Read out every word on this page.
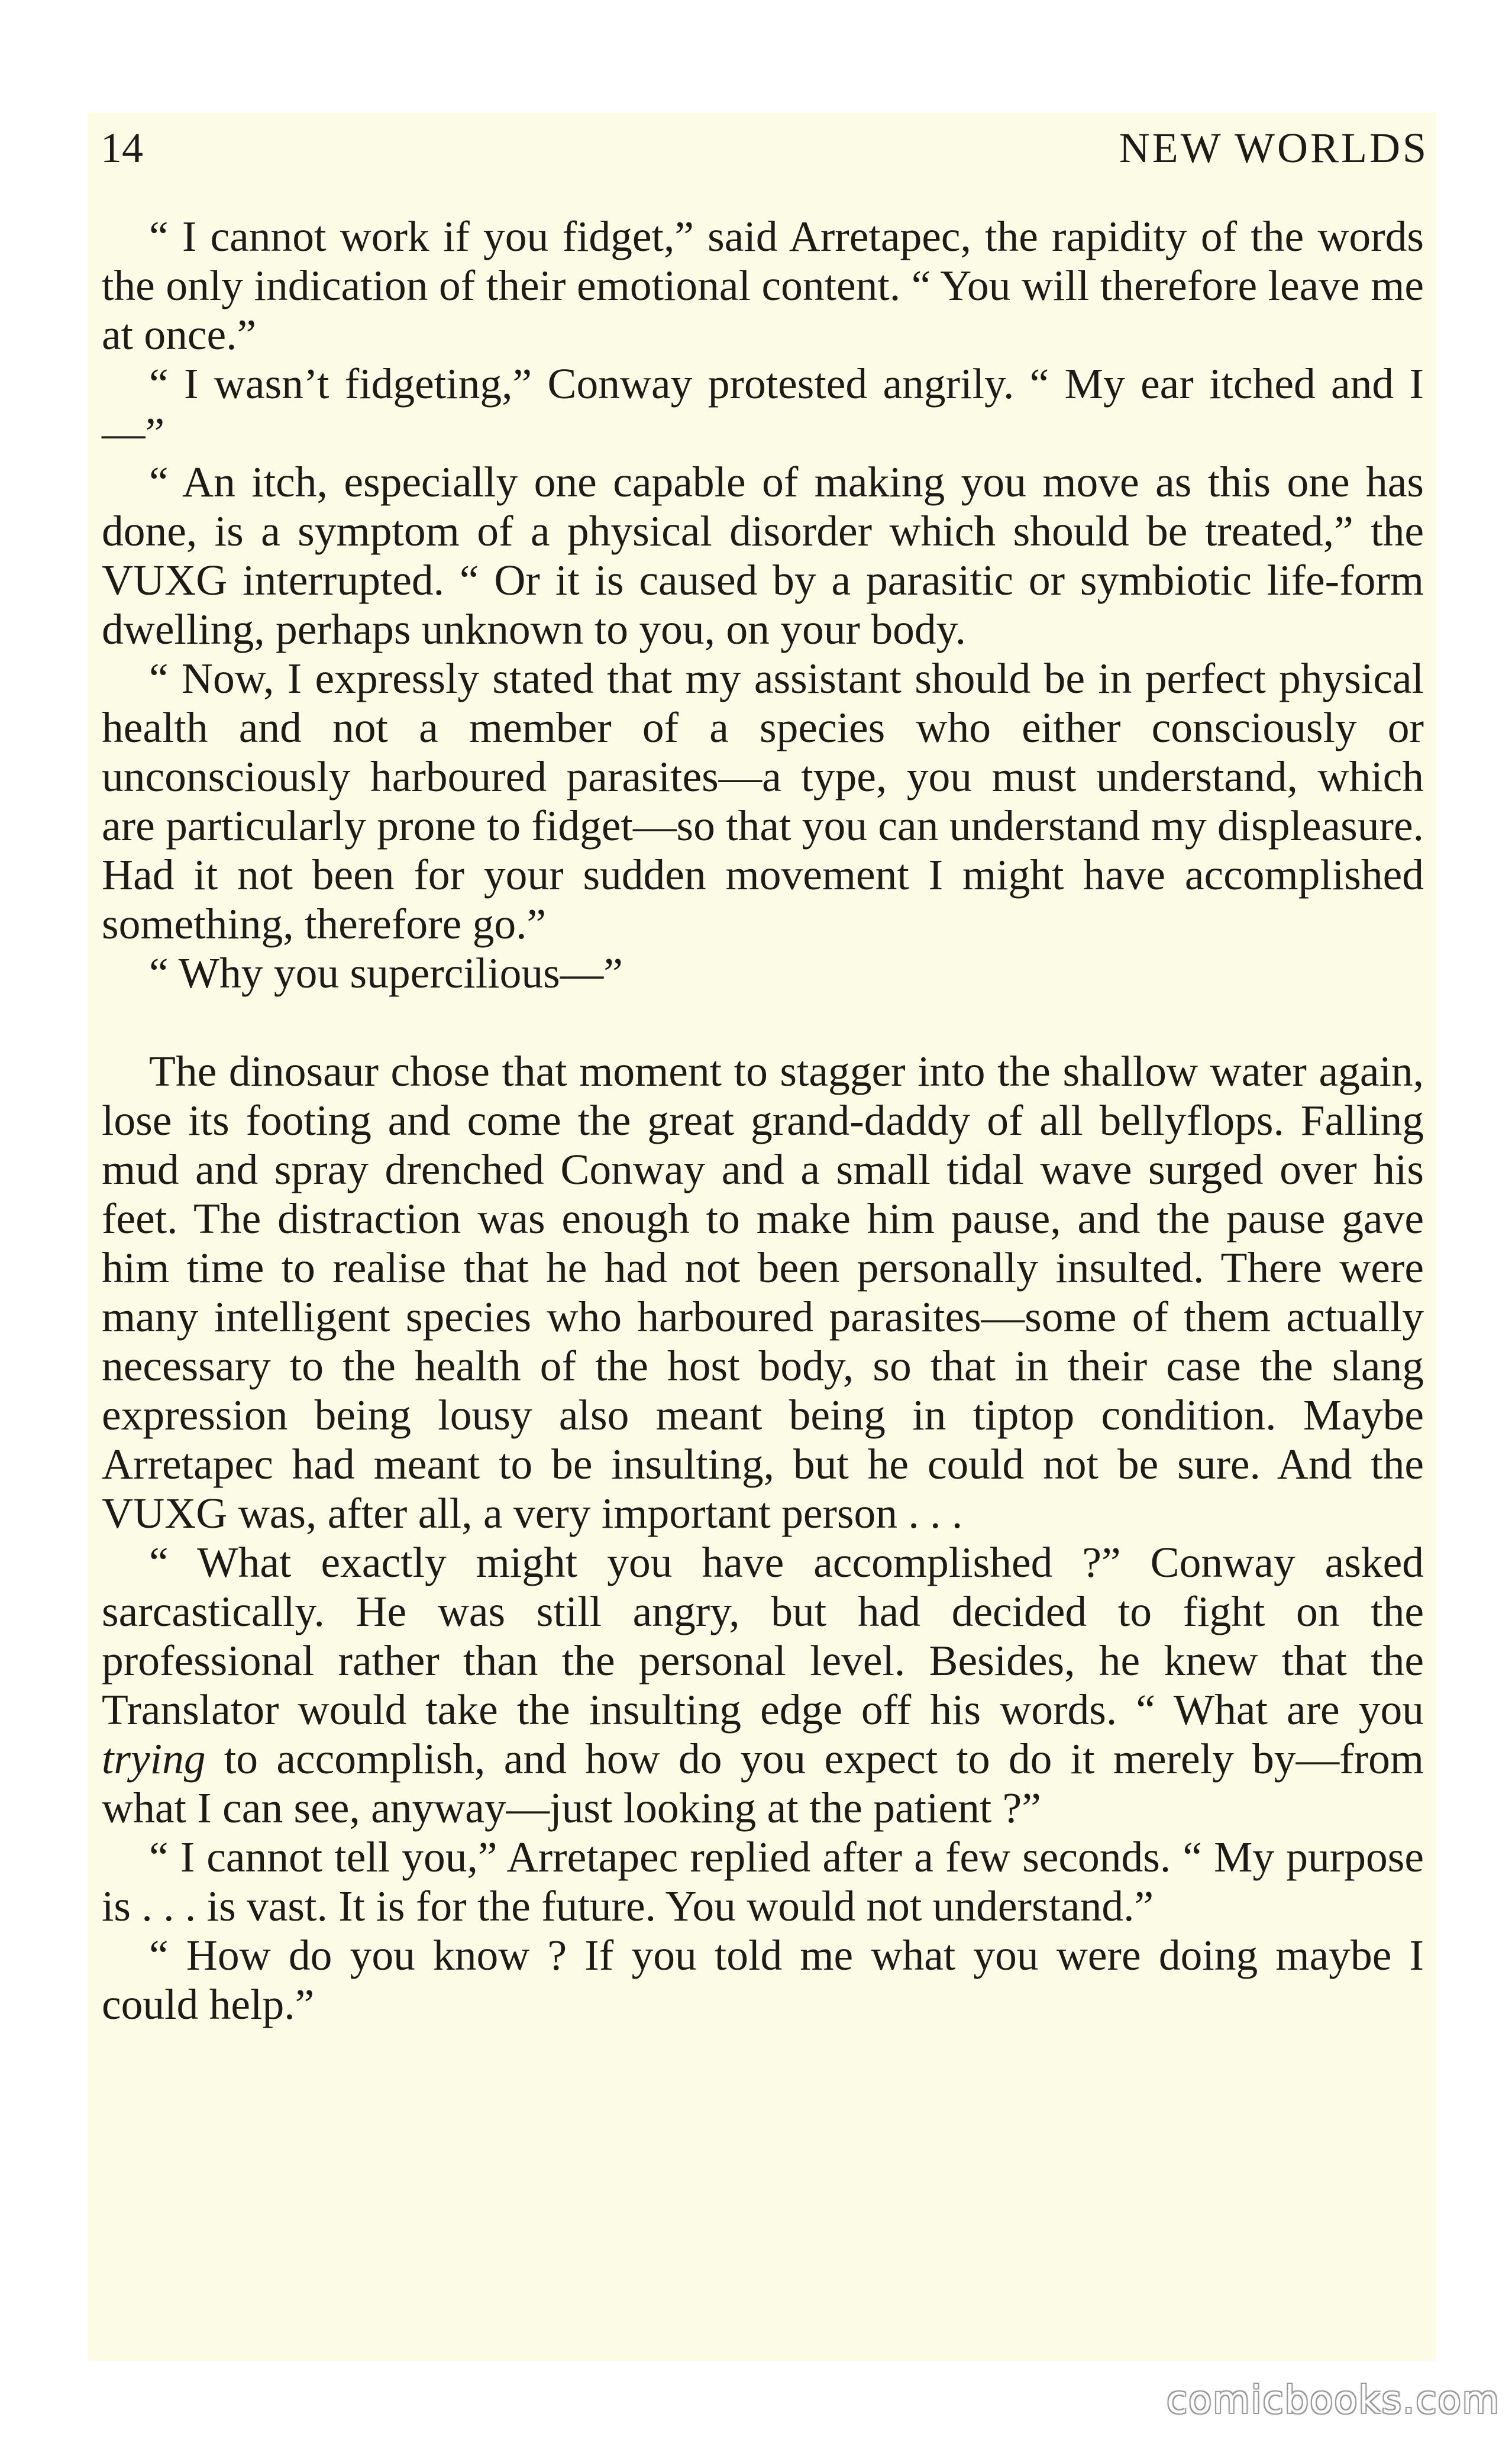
14	NEW WORLDS

“ I cannot work if you fidget,” said Arretapec, the rapidity of the words the only indication of their emotional content. “ You will therefore leave me at once.”

“ I wasn’t fidgeting,” Conway protested angrily. “ My ear itched and I—”

“ An itch, especially one capable of making you move as this one has done, is a symptom of a physical disorder which should be treated,” the VUXG interrupted. “ Or it is caused by a parasitic or symbiotic life-form dwelling, perhaps unknown to you, on your body.

“ Now, I expressly stated that my assistant should be in perfect physical health and not a member of a species who either consciously or unconsciously harboured parasites—a type, you must understand, which are particularly prone to fidget—so that you can understand my displeasure. Had it not been for your sudden movement I might have accomplished something, therefore go.”

“ Why you supercilious—”

The dinosaur chose that moment to stagger into the shallow water again, lose its footing and come the great grand-daddy of all bellyflops. Falling mud and spray drenched Conway and a small tidal wave surged over his feet. The distraction was enough to make him pause, and the pause gave him time to realise that he had not been personally insulted. There were many intelligent species who harboured parasites—some of them actually necessary to the health of the host body, so that in their case the slang expression being lousy also meant being in tiptop condition. Maybe Arretapec had meant to be insulting, but he could not be sure. And the VUXG was, after all, a very important person . . .

“ What exactly might you have accomplished ?” Conway asked sarcastically. He was still angry, but had decided to fight on the professional rather than the personal level. Besides, he knew that the Translator would take the insulting edge off his words. “ What are you trying to accomplish, and how do you expect to do it merely by—from what I can see, anyway—just looking at the patient ?”

“ I cannot tell you,” Arretapec replied after a few seconds. “ My purpose is . . . is vast. It is for the future. You would not understand.”

“ How do you know ? If you told me what you were doing maybe I could help.”

comicbooks.com
